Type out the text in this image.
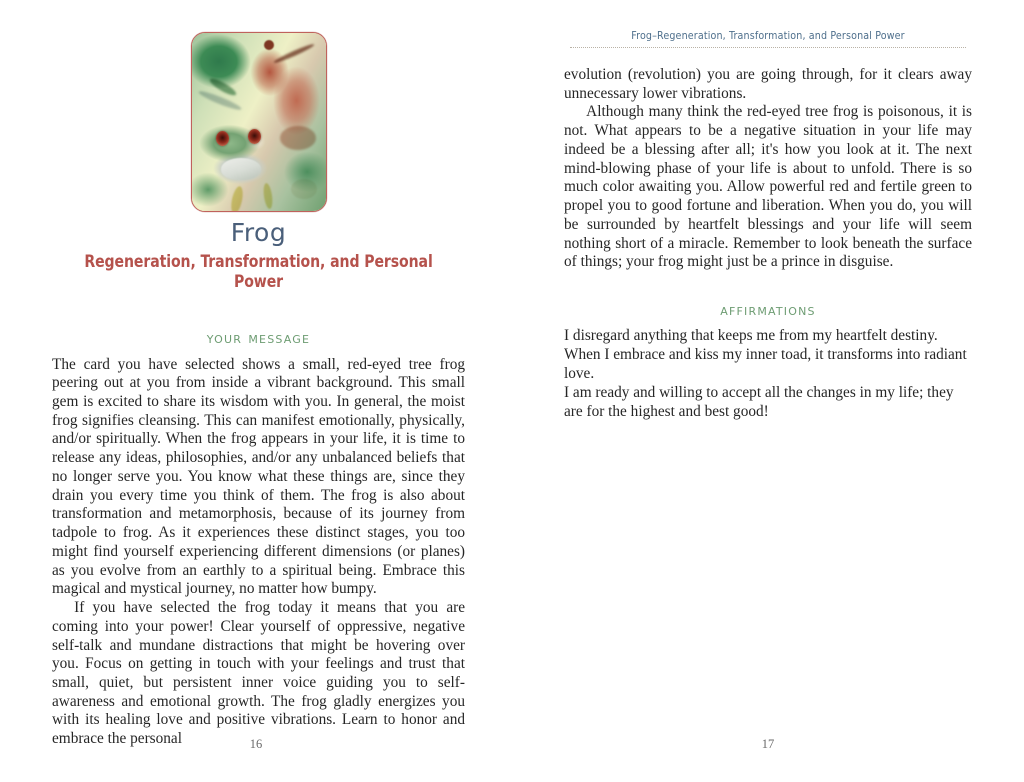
Frog
Regeneration, Transformation, and Personal Power
your message

The card you have selected shows a small, red-eyed tree frog peering out at you from inside a vibrant background. This small gem is excited to share its wisdom with you. In general, the moist frog signifies cleansing. This can manifest emotionally, physically, and/or spiritually. When the frog appears in your life, it is time to release any ideas, philosophies, and/or any unbalanced beliefs that no longer serve you. You know what these things are, since they drain you every time you think of them. The frog is also about transformation and metamorphosis, because of its journey from tadpole to frog. As it experiences these distinct stages, you too might find yourself experiencing different dimensions (or planes) as you evolve from an earthly to a spiritual being. Embrace this magical and mystical journey, no matter how bumpy.

If you have selected the frog today it means that you are coming into your power! Clear yourself of oppressive, negative self-talk and mundane distractions that might be hovering over you. Focus on getting in touch with your feelings and trust that small, quiet, but persistent inner voice guiding you to self-awareness and emotional growth. The frog gladly energizes you with its healing love and positive vibrations. Learn to honor and embrace the personal	16
Frog–Regeneration, Transformation, and Personal Power

evolution (revolution) you are going through, for it clears away unnecessary lower vibrations.

Although many think the red-eyed tree frog is poisonous, it is not. What appears to be a negative situation in your life may indeed be a blessing after all; it's how you look at it. The next mind-blowing phase of your life is about to unfold. There is so much color awaiting you. Allow powerful red and fertile green to propel you to good fortune and liberation. When you do, you will be surrounded by heartfelt blessings and your life will seem nothing short of a miracle. Remember to look beneath the surface of things; your frog might just be a prince in disguise.

affirmations

I disregard anything that keeps me from my heartfelt destiny.

When I embrace and kiss my inner toad, it transforms into radiant love.

I am ready and willing to accept all the changes in my life; they are for the highest and best good!

17
